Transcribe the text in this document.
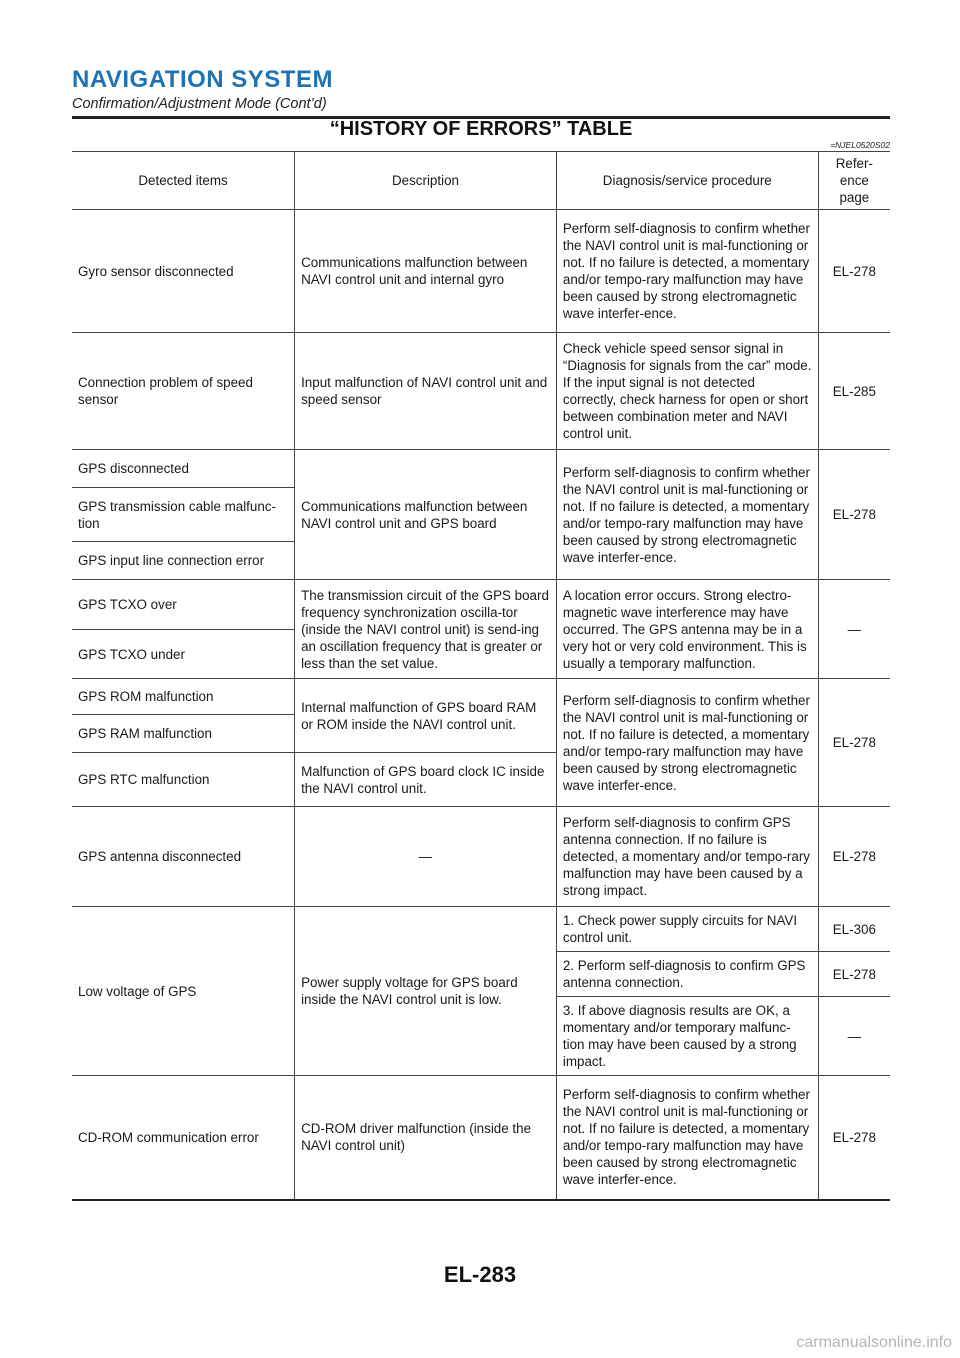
NAVIGATION SYSTEM
Confirmation/Adjustment Mode (Cont’d)
“HISTORY OF ERRORS” TABLE
=NJEL0520S02
Detected items	Description	Diagnosis/service procedure	Refer-
ence
page
Gyro sensor disconnected	Communications malfunction between NAVI control unit and internal gyro	Perform self-diagnosis to confirm whether the NAVI control unit is mal-functioning or not. If no failure is detected, a momentary and/or tempo-rary malfunction may have been caused by strong electromagnetic wave interfer-ence.	EL-278
Connection problem of speed sensor	Input malfunction of NAVI control unit and speed sensor	Check vehicle speed sensor signal in “Diagnosis for signals from the car” mode. If the input signal is not detected correctly, check harness for open or short between combination meter and NAVI control unit.	EL-285
GPS disconnected	Communications malfunction between NAVI control unit and GPS board	Perform self-diagnosis to confirm whether the NAVI control unit is mal-functioning or not. If no failure is detected, a momentary and/or tempo-rary malfunction may have been caused by strong electromagnetic wave interfer-ence.	EL-278
GPS transmission cable malfunc-tion			
GPS input line connection error			
GPS TCXO over	The transmission circuit of the GPS board frequency synchronization oscilla-tor (inside the NAVI control unit) is send-ing an oscillation frequency that is greater or less than the set value.	A location error occurs. Strong electro-magnetic wave interference may have occurred. The GPS antenna may be in a very hot or very cold environment. This is usually a temporary malfunction.	—
GPS TCXO under			
GPS ROM malfunction	Internal malfunction of GPS board RAM or ROM inside the NAVI control unit.	Perform self-diagnosis to confirm whether the NAVI control unit is mal-functioning or not. If no failure is detected, a momentary and/or tempo-rary malfunction may have been caused by strong electromagnetic wave interfer-ence.	EL-278
GPS RAM malfunction			
GPS RTC malfunction	Malfunction of GPS board clock IC inside the NAVI control unit.		
GPS antenna disconnected	—	Perform self-diagnosis to confirm GPS antenna connection. If no failure is detected, a momentary and/or tempo-rary malfunction may have been caused by a strong impact.	EL-278
Low voltage of GPS	Power supply voltage for GPS board inside the NAVI control unit is low.	1. Check power supply circuits for NAVI control unit.	EL-306
		2. Perform self-diagnosis to confirm GPS antenna connection.	EL-278
		3. If above diagnosis results are OK, a momentary and/or temporary malfunc-tion may have been caused by a strong impact.	—
CD-ROM communication error	CD-ROM driver malfunction (inside the NAVI control unit)	Perform self-diagnosis to confirm whether the NAVI control unit is mal-functioning or not. If no failure is detected, a momentary and/or tempo-rary malfunction may have been caused by strong electromagnetic wave interfer-ence.	EL-278
EL-283
carmanualsonline.info
